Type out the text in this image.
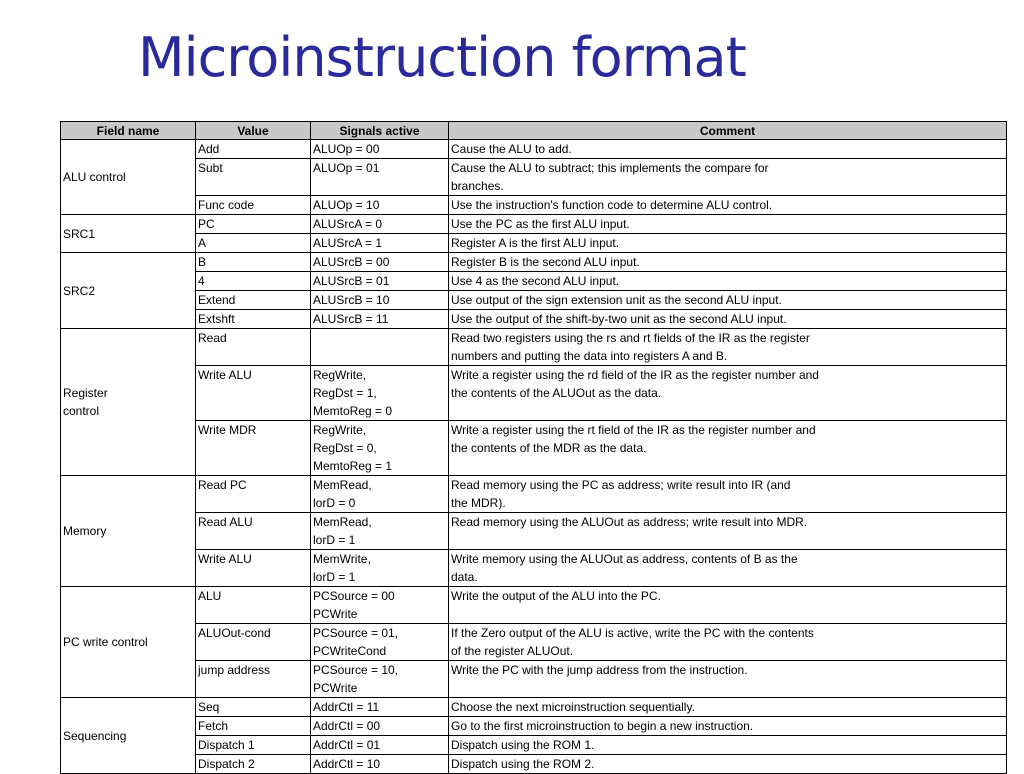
Microinstruction format
Field name	Value	Signals active	Comment

ALU control	Add	ALUOp = 00	Cause the ALU to add.

	Subt	ALUOp = 01	Cause the ALU to subtract; this implements the compare for
branches.

	Func code	ALUOp = 10	Use the instruction's function code to determine ALU control.

SRC1	PC	ALUSrcA = 0	Use the PC as the first ALU input.

	A	ALUSrcA = 1	Register A is the first ALU input.

SRC2	B	ALUSrcB = 00	Register B is the second ALU input.

	4	ALUSrcB = 01	Use 4 as the second ALU input.

	Extend	ALUSrcB = 10	Use output of the sign extension unit as the second ALU input.

	Extshft	ALUSrcB = 11	Use the output of the shift-by-two unit as the second ALU input.

Register
control	Read		Read two registers using the rs and rt fields of the IR as the register
numbers and putting the data into registers A and B.

	Write ALU	RegWrite,
RegDst = 1,
MemtoReg = 0	Write a register using the rd field of the IR as the register number and
the contents of the ALUOut as the data.

	Write MDR	RegWrite,
RegDst = 0,
MemtoReg = 1	Write a register using the rt field of the IR as the register number and
the contents of the MDR as the data.

Memory	Read PC	MemRead,
lorD = 0	Read memory using the PC as address; write result into IR (and
the MDR).

	Read ALU	MemRead,
lorD = 1	Read memory using the ALUOut as address; write result into MDR.

	Write ALU	MemWrite,
lorD = 1	Write memory using the ALUOut as address, contents of B as the
data.

PC write control	ALU	PCSource = 00
PCWrite	Write the output of the ALU into the PC.

	ALUOut-cond	PCSource = 01,
PCWriteCond	If the Zero output of the ALU is active, write the PC with the contents
of the register ALUOut.

	jump address	PCSource = 10,
PCWrite	Write the PC with the jump address from the instruction.

Sequencing	Seq	AddrCtl = 11	Choose the next microinstruction sequentially.

	Fetch	AddrCtl = 00	Go to the first microinstruction to begin a new instruction.

	Dispatch 1	AddrCtl = 01	Dispatch using the ROM 1.

	Dispatch 2	AddrCtl = 10	Dispatch using the ROM 2.
